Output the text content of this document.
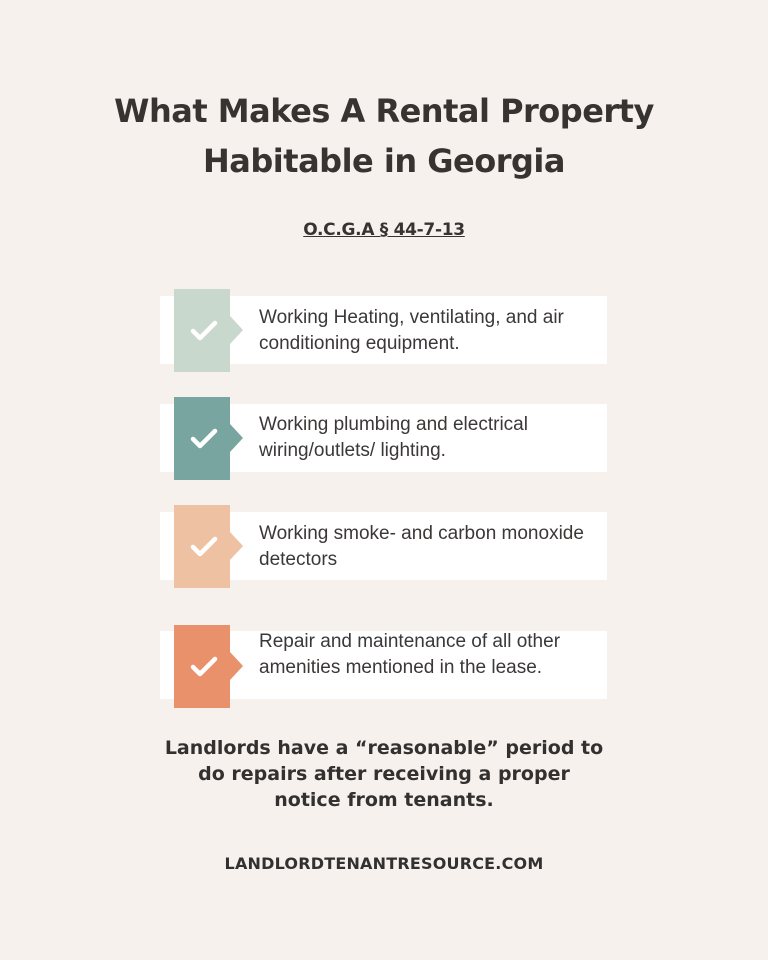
What Makes A Rental Property
Habitable in Georgia
O.C.G.A § 44-7-13
Working Heating, ventilating, and air conditioning equipment.
Working plumbing and electrical wiring/outlets/ lighting.
Working smoke- and carbon monoxide detectors
Repair and maintenance of all other amenities mentioned in the lease.
Landlords have a “reasonable” period to do repairs after receiving a proper notice from tenants.
LANDLORDTENANTRESOURCE.COM
